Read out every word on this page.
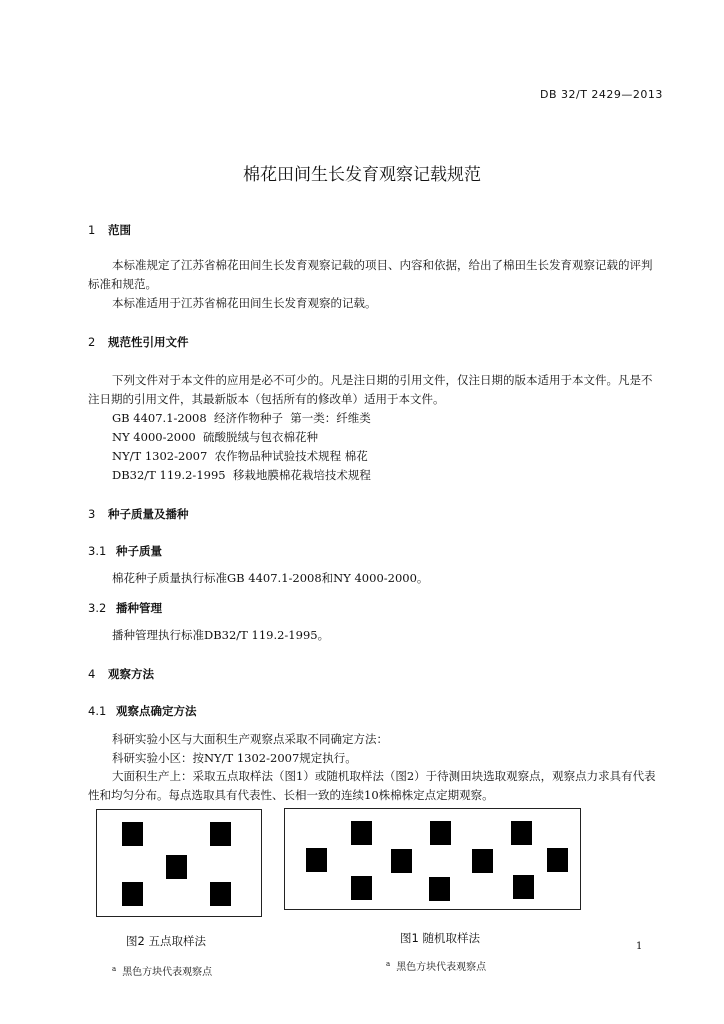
DB 32/T 2429—2013
棉花田间生长发育观察记载规范
1 范围
本标准规定了江苏省棉花田间生长发育观察记载的项目、内容和依据，给出了棉田生长发育观察记载的评判标准和规范。
本标准适用于江苏省棉花田间生长发育观察的记载。
2 规范性引用文件
下列文件对于本文件的应用是必不可少的。凡是注日期的引用文件，仅注日期的版本适用于本文件。凡是不注日期的引用文件，其最新版本（包括所有的修改单）适用于本文件。
GB 4407.1-2008  经济作物种子  第一类：纤维类
NY 4000-2000  硫酸脱绒与包衣棉花种
NY/T 1302-2007  农作物品种试验技术规程 棉花
DB32/T 119.2-1995  移栽地膜棉花栽培技术规程
3 种子质量及播种
3.1 种子质量
棉花种子质量执行标准GB 4407.1-2008和NY 4000-2000。
3.2 播种管理
播种管理执行标准DB32/T 119.2-1995。
4 观察方法
4.1 观察点确定方法
科研实验小区与大面积生产观察点采取不同确定方法：
科研实验小区：按NY/T 1302-2007规定执行。
大面积生产上：采取五点取样法（图1）或随机取样法（图2）于待测田块选取观察点，观察点力求具有代表性和均匀分布。每点选取具有代表性、长相一致的连续10株棉株定点定期观察。
图2 五点取样法	图1 随机取样法
$^a$ 黑色方块代表观察点
$^a$ 黑色方块代表观察点
1
